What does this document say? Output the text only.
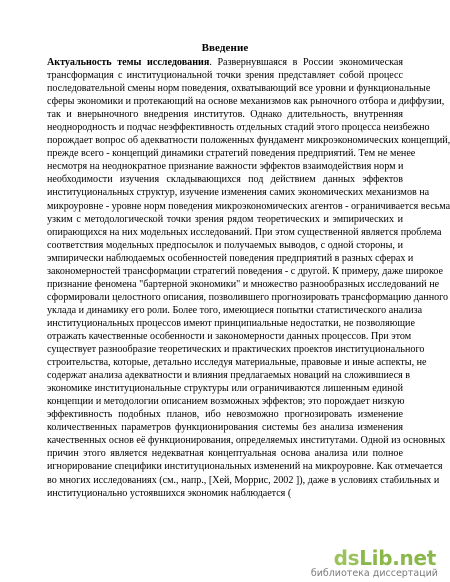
Введение
Актуальность темы исследования. Развернувшаяся в России экономическая
трансформация с институциональной точки зрения представляет собой процесс
последовательной смены норм поведения, охватывающий все уровни и функциональные
сферы экономики и протекающий на основе механизмов как рыночного отбора и диффузии,
так и внерыночного внедрения институтов. Однако длительность, внутренняя
неоднородность и подчас неэффективность отдельных стадий этого процесса неизбежно
порождает вопрос об адекватности положенных фундамент микроэкономических концепций,
прежде всего - концепций динамики стратегий поведения предприятий. Тем не менее
несмотря на неоднократное признание важности эффектов взаимодействия норм и
необходимости изучения складывающихся под действием данных эффектов
институциональных структур, изучение изменения самих экономических механизмов на
микроуровне - уровне норм поведения микроэкономических агентов - ограничивается весьма
узким с методологической точки зрения рядом теоретических и эмпирических и
опирающихся на них модельных исследований. При этом существенной является проблема
соответствия модельных предпосылок и получаемых выводов, с одной стороны, и
эмпирически наблюдаемых особенностей поведения предприятий в разных сферах и
закономерностей трансформации стратегий поведения - с другой. К примеру, даже широкое
признание феномена "бартерной экономики" и множество разнообразных исследований не
сформировали целостного описания, позволившего прогнозировать трансформацию данного
уклада и динамику его роли. Более того, имеющиеся попытки статистического анализа
институциональных процессов имеют принципиальные недостатки, не позволяющие
отражать качественные особенности и закономерности данных процессов. При этом
существует разнообразие теоретических и практических проектов институционального
строительства, которые, детально исследуя материальные, правовые и иные аспекты, не
содержат анализа адекватности и влияния предлагаемых новаций на сложившиеся в
экономике институциональные структуры или ограничиваются лишенным единой
концепции и методологии описанием возможных эффектов; это порождает низкую
эффективность подобных планов, ибо невозможно прогнозировать изменение
количественных параметров функционирования системы без анализа изменения
качественных основ её функционирования, определяемых институтами. Одной из основных
причин этого является недекватная концептуальная основа анализа или полное
игнорирование специфики институциональных изменений на микроуровне. Как отмечается
во многих исследованиях (см., напр., [Хей, Моррис, 2002 ]), даже в условиях стабильных и
институционально устоявшихся экономик наблюдается (
dsLib.net
библиотека диссертаций
